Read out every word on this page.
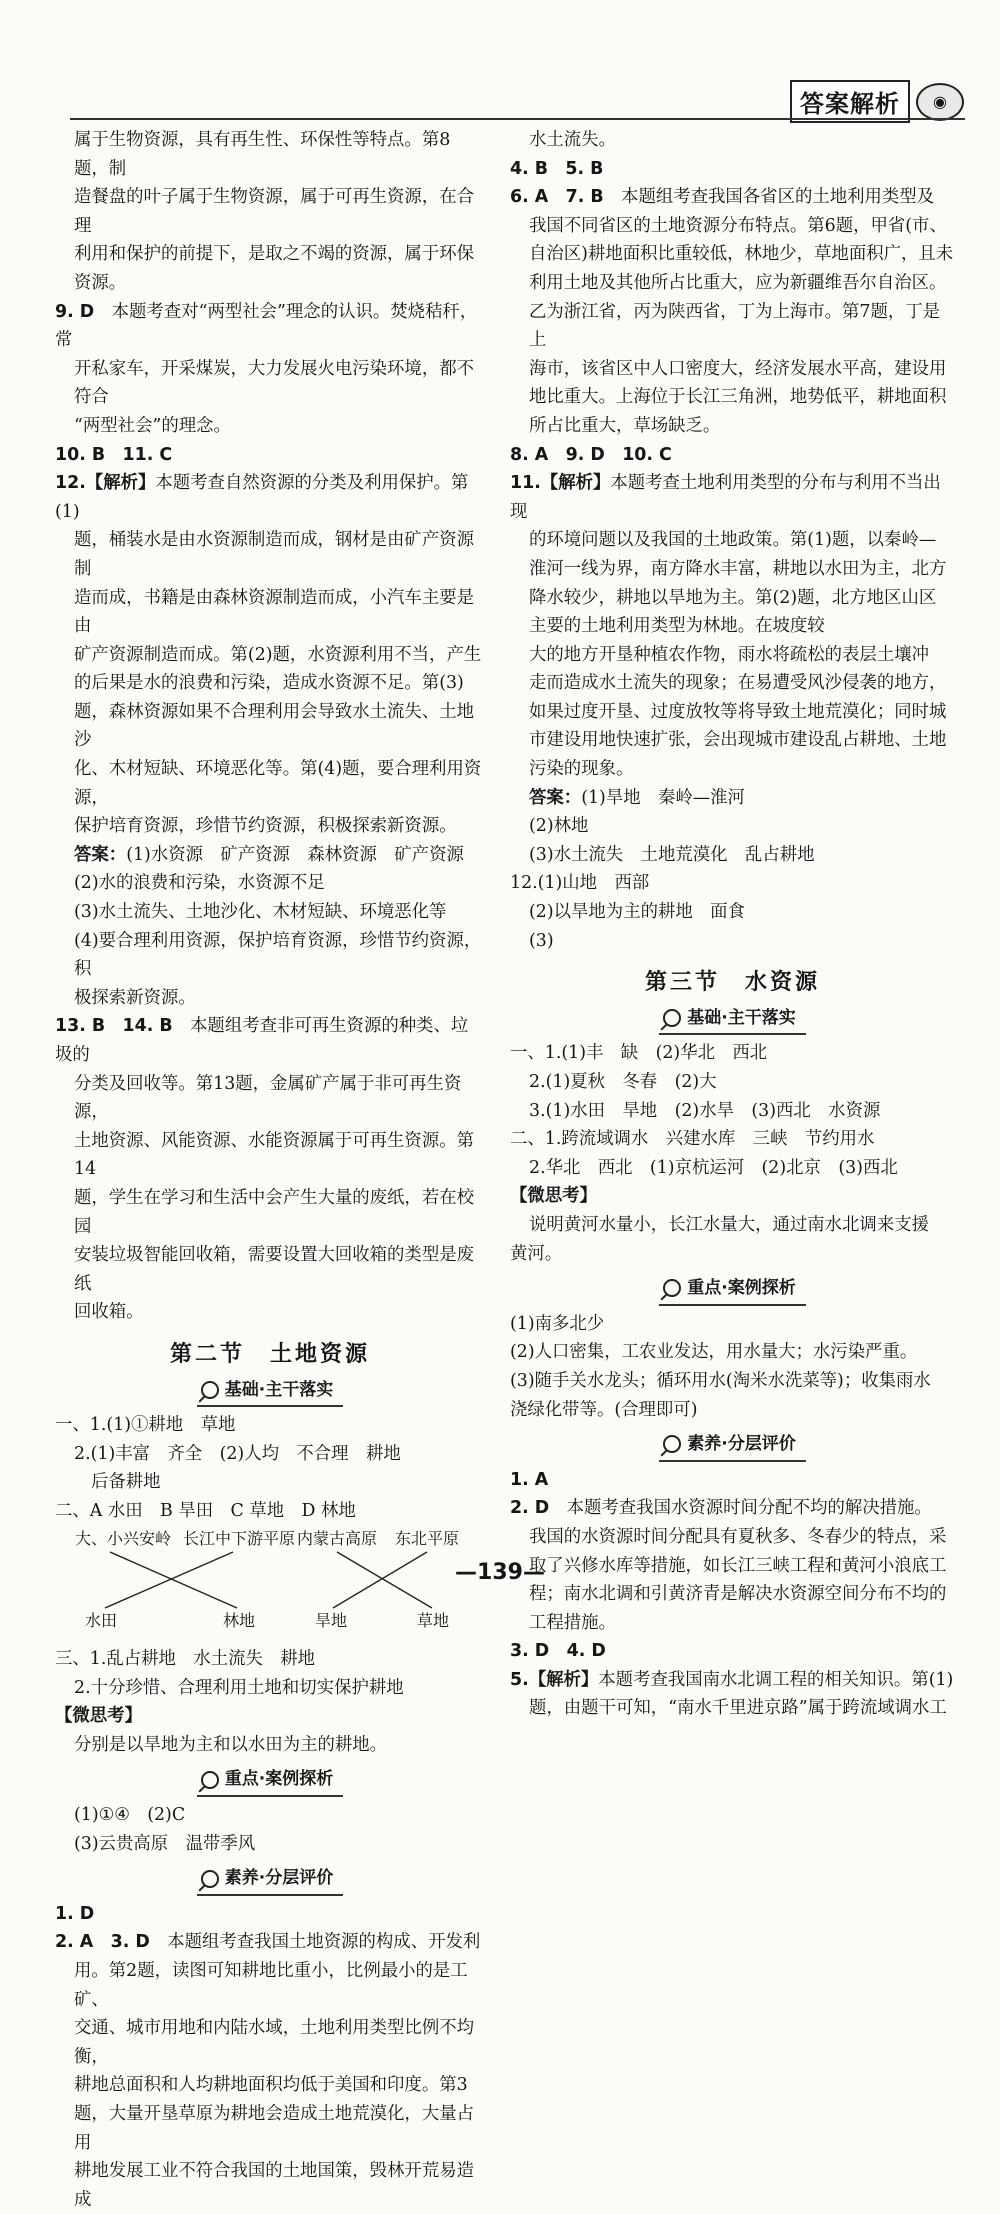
答案解析	◉

属于生物资源，具有再生性、环保性等特点。第8题，制

造餐盘的叶子属于生物资源，属于可再生资源，在合理

利用和保护的前提下，是取之不竭的资源，属于环保

资源。

9. D　 本题考查对“两型社会”理念的认识。焚烧秸秆，常

开私家车，开采煤炭，大力发展火电污染环境，都不符合

“两型社会”的理念。

10. B　11. C

12.【解析】本题考查自然资源的分类及利用保护。第(1)

题，桶装水是由水资源制造而成，钢材是由矿产资源制

造而成，书籍是由森林资源制造而成，小汽车主要是由

矿产资源制造而成。第(2)题，水资源利用不当，产生

的后果是水的浪费和污染，造成水资源不足。第(3)

题，森林资源如果不合理利用会导致水土流失、土地沙

化、木材短缺、环境恶化等。第(4)题，要合理利用资源，

保护培育资源，珍惜节约资源，积极探索新资源。

答案：(1)水资源　矿产资源　森林资源　矿产资源

(2)水的浪费和污染，水资源不足

(3)水土流失、土地沙化、木材短缺、环境恶化等

(4)要合理利用资源，保护培育资源，珍惜节约资源，积

极探索新资源。

13. B　14. B　 本题组考查非可再生资源的种类、垃圾的

分类及回收等。第13题，金属矿产属于非可再生资源，

土地资源、风能资源、水能资源属于可再生资源。第14

题，学生在学习和生活中会产生大量的废纸，若在校园

安装垃圾智能回收箱，需要设置大回收箱的类型是废纸

回收箱。

第二节　土地资源
基础·主干落实

一、1.(1)①耕地　草地

2.(1)丰富　齐全　(2)人均　不合理　耕地

后备耕地

二、A 水田　B 旱田　C 草地　D 林地

大、小兴安岭 长江中下游平原 内蒙古高原 东北平原
水田	林地	旱地	草地

三、1.乱占耕地　水土流失　耕地

2.十分珍惜、合理利用土地和切实保护耕地

【微思考】

分别是以旱地为主和以水田为主的耕地。

重点·案例探析

(1)①④　(2)C

(3)云贵高原　温带季风

素养·分层评价

1. D

2. A　3. D　 本题组考查我国土地资源的构成、开发利

用。第2题，读图可知耕地比重小，比例最小的是工矿、

交通、城市用地和内陆水域，土地利用类型比例不均衡，

耕地总面积和人均耕地面积均低于美国和印度。第3

题，大量开垦草原为耕地会造成土地荒漠化，大量占用

耕地发展工业不符合我国的土地国策，毁林开荒易造成

水土流失。

4. B　5. B

6. A　7. B　 本题组考查我国各省区的土地利用类型及

我国不同省区的土地资源分布特点。第6题，甲省(市、

自治区)耕地面积比重较低，林地少，草地面积广，且未

利用土地及其他所占比重大，应为新疆维吾尔自治区。

乙为浙江省，丙为陕西省，丁为上海市。第7题，丁是上

海市，该省区中人口密度大，经济发展水平高，建设用

地比重大。上海位于长江三角洲，地势低平，耕地面积

所占比重大，草场缺乏。

8. A　9. D　10. C

11.【解析】本题考查土地利用类型的分布与利用不当出现

的环境问题以及我国的土地政策。第(1)题，以秦岭—

淮河一线为界，南方降水丰富，耕地以水田为主，北方

降水较少，耕地以旱地为主。第(2)题，北方地区山区

主要的土地利用类型为林地。在坡度较

大的地方开垦种植农作物，雨水将疏松的表层土壤冲

走而造成水土流失的现象；在易遭受风沙侵袭的地方，

如果过度开垦、过度放牧等将导致土地荒漠化；同时城

市建设用地快速扩张，会出现城市建设乱占耕地、土地

污染的现象。

答案：(1)旱地　秦岭—淮河

(2)林地

(3)水土流失　土地荒漠化　乱占耕地

12.(1)山地　西部

(2)以旱地为主的耕地　面食

(3)

第三节　水资源
基础·主干落实

一、1.(1)丰　缺　(2)华北　西北

2.(1)夏秋　冬春　(2)大

3.(1)水田　旱地　(2)水旱　(3)西北　水资源

二、1.跨流域调水　兴建水库　三峡　节约用水

2.华北　西北　(1)京杭运河　(2)北京　(3)西北

【微思考】

说明黄河水量小，长江水量大，通过南水北调来支援

黄河。

重点·案例探析

(1)南多北少

(2)人口密集，工农业发达，用水量大；水污染严重。

(3)随手关水龙头；循环用水(淘米水洗菜等)；收集雨水

浇绿化带等。(合理即可)

素养·分层评价

1. A

2. D　 本题考查我国水资源时间分配不均的解决措施。

我国的水资源时间分配具有夏秋多、冬春少的特点，采

取了兴修水库等措施，如长江三峡工程和黄河小浪底工

程；南水北调和引黄济青是解决水资源空间分布不均的

工程措施。

3. D　4. D

5.【解析】本题考查我国南水北调工程的相关知识。第(1)

题，由题干可知，“南水千里进京路”属于跨流域调水工

—139—
